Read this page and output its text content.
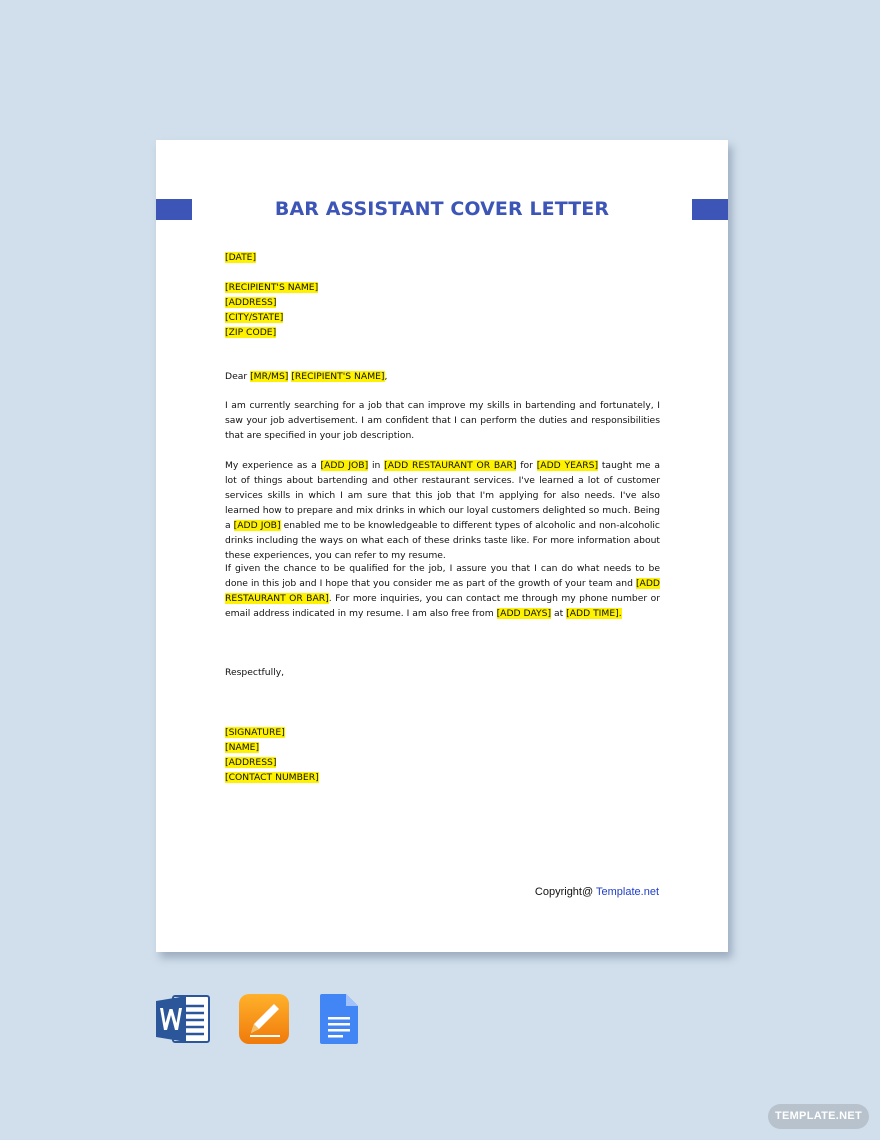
BAR ASSISTANT COVER LETTER
[DATE]

[RECIPIENT'S NAME]
[ADDRESS]
[CITY/STATE]
[ZIP CODE]
Dear [MR/MS] [RECIPIENT'S NAME],

I am currently searching for a job that can improve my skills in bartending and fortunately, I saw your job advertisement. I am confident that I can perform the duties and responsibilities that are specified in your job description.

My experience as a [ADD JOB] in [ADD RESTAURANT OR BAR] for [ADD YEARS] taught me a lot of things about bartending and other restaurant services. I've learned a lot of customer services skills in which I am sure that this job that I'm applying for also needs. I've also learned how to prepare and mix drinks in which our loyal customers delighted so much. Being a [ADD JOB] enabled me to be knowledgeable to different types of alcoholic and non-alcoholic drinks including the ways on what each of these drinks taste like. For more information about these experiences, you can refer to my resume.

If given the chance to be qualified for the job, I assure you that I can do what needs to be done in this job and I hope that you consider me as part of the growth of your team and [ADD RESTAURANT OR BAR]. For more inquiries, you can contact me through my phone number or email address indicated in my resume. I am also free from [ADD DAYS] at [ADD TIME].

Respectfully,
[SIGNATURE]
[NAME]
[ADDRESS]
[CONTACT NUMBER]
Copyright@ Template.net
TEMPLATE.NET
